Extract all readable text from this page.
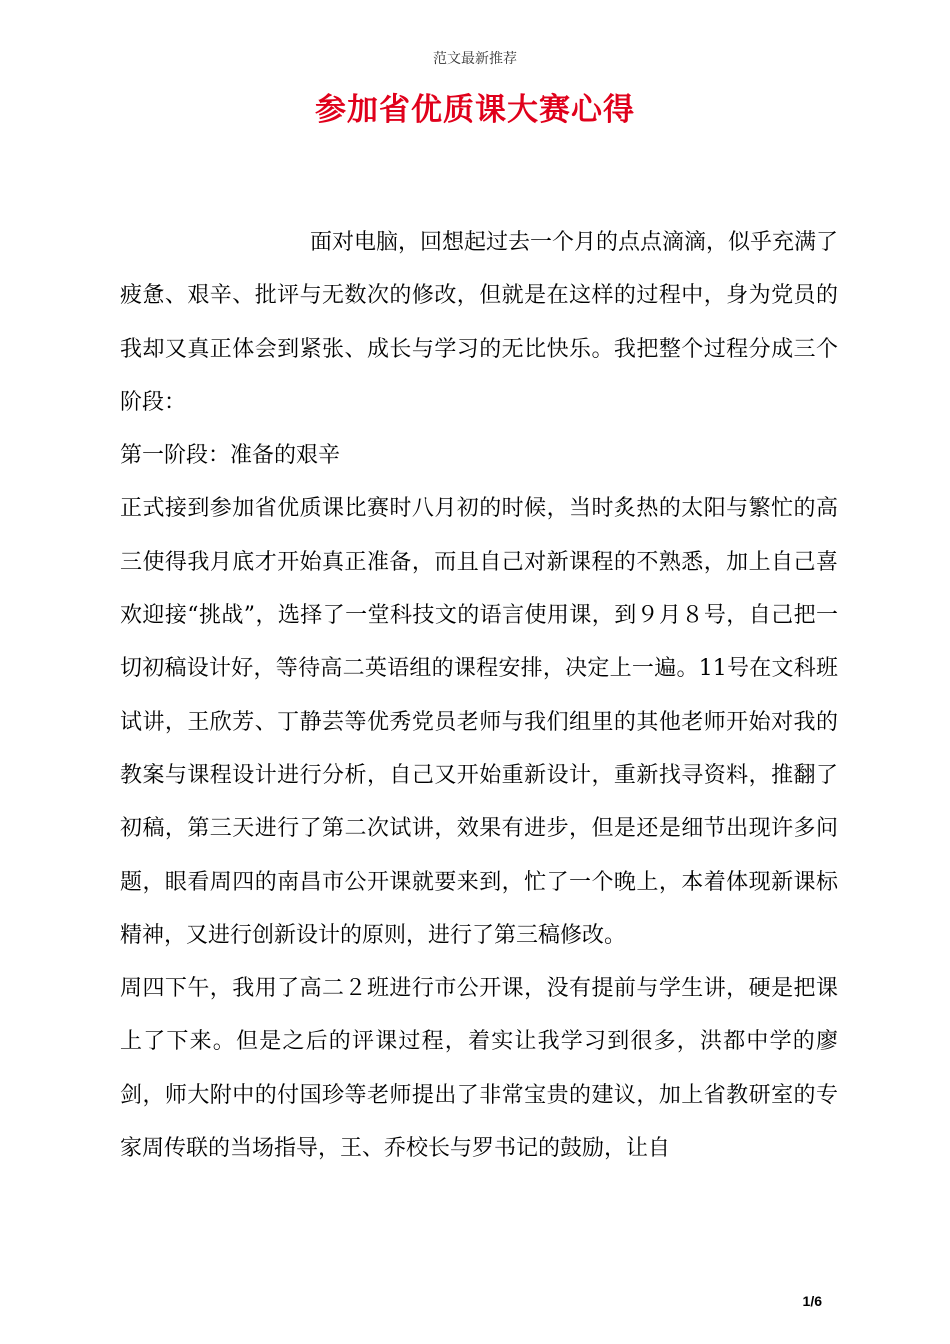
范文最新推荐
参加省优质课大赛心得

面对电脑，回想起过去一个月的点点滴滴，似乎充满了疲惫、艰辛、批评与无数次的修改，但就是在这样的过程中，身为党员的我却又真正体会到紧张、成长与学习的无比快乐。我把整个过程分成三个阶段：

第一阶段：准备的艰辛

正式接到参加省优质课比赛时八月初的时候，当时炙热的太阳与繁忙的高三使得我月底才开始真正准备，而且自己对新课程的不熟悉，加上自己喜欢迎接“挑战”，选择了一堂科技文的语言使用课，到９月８号，自己把一切初稿设计好，等待高二英语组的课程安排，决定上一遍。11号在文科班试讲，王欣芳、丁静芸等优秀党员老师与我们组里的其他老师开始对我的教案与课程设计进行分析，自己又开始重新设计，重新找寻资料，推翻了初稿，第三天进行了第二次试讲，效果有进步，但是还是细节出现许多问题，眼看周四的南昌市公开课就要来到，忙了一个晚上，本着体现新课标精神，又进行创新设计的原则，进行了第三稿修改。

周四下午，我用了高二２班进行市公开课，没有提前与学生讲，硬是把课上了下来。但是之后的评课过程，着实让我学习到很多，洪都中学的廖剑，师大附中的付国珍等老师提出了非常宝贵的建议，加上省教研室的专家周传联的当场指导，王、乔校长与罗书记的鼓励，让自

1/6
